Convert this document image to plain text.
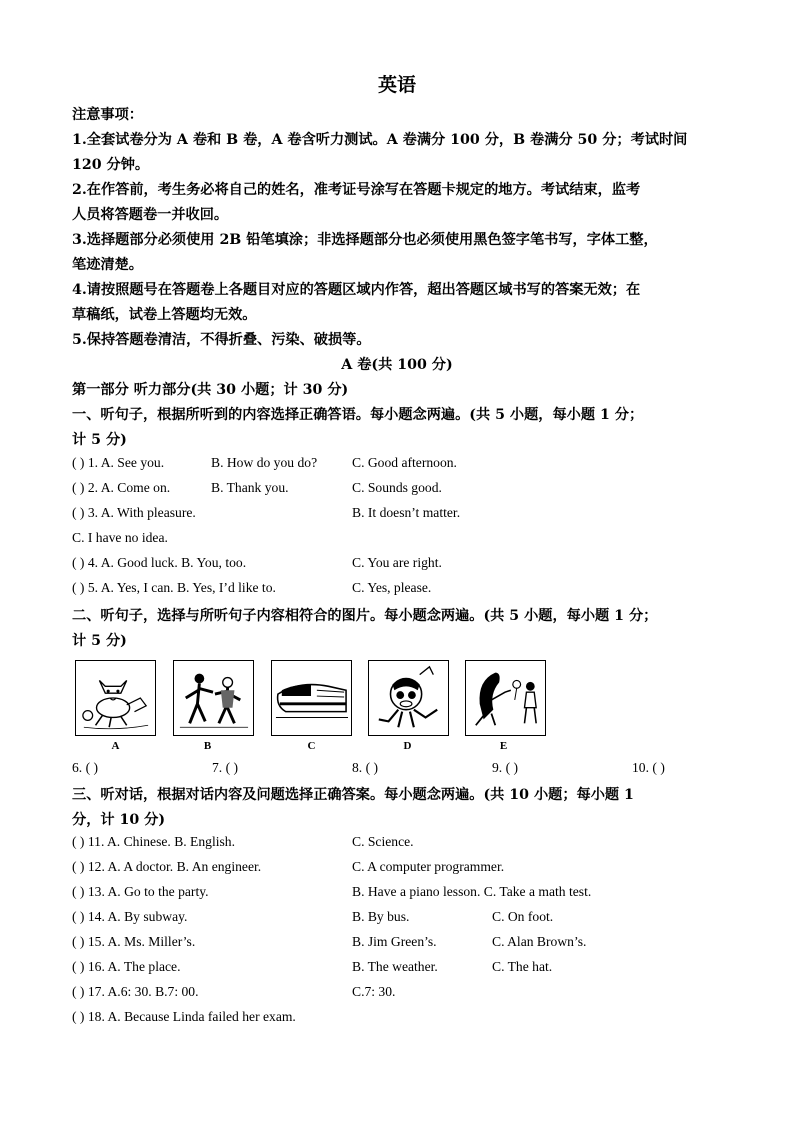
英语
注意事项：
1.全套试卷分为 A 卷和 B 卷，A 卷含听力测试。A 卷满分 100 分，B 卷满分 50 分；考试时间
120 分钟。
2.在作答前，考生务必将自己的姓名，准考证号涂写在答题卡规定的地方。考试结束，监考
人员将答题卷一并收回。
3.选择题部分必须使用 2B 铅笔填涂；非选择题部分也必须使用黑色签字笔书写，字体工整，
笔迹清楚。
4.请按照题号在答题卷上各题目对应的答题区域内作答，超出答题区域书写的答案无效；在
草稿纸，试卷上答题均无效。
5.保持答题卷清洁，不得折叠、污染、破损等。
A 卷(共 100 分)
第一部分 听力部分(共 30 小题；计 30 分)
一、听句子，根据所听到的内容选择正确答语。每小题念两遍。(共 5 小题，每小题 1 分；
计 5 分)
( ) 1. A. See you.	B. How do you do?	C. Good afternoon.
( ) 2. A. Come on.	B. Thank you.	C. Sounds good.
( ) 3. A. With pleasure.	B. It doesn’t matter.
C. I have no idea.
( ) 4. A. Good luck. B. You, too.	C. You are right.
( ) 5. A. Yes, I can. B. Yes, I’d like to.	C. Yes, please.
二、听句子，选择与所听句子内容相符合的图片。每小题念两遍。(共 5 小题，每小题 1 分；
计 5 分)
A	B	C	D	E
6. ( )	7. ( )	8. ( )	9. ( )	10. ( )
三、听对话，根据对话内容及问题选择正确答案。每小题念两遍。(共 10 小题；每小题 1
分，计 10 分)
( ) 11. A. Chinese. B. English.	C. Science.
( ) 12. A. A doctor. B. An engineer.	C. A computer programmer.
( ) 13. A. Go to the party.	B. Have a piano lesson. C. Take a math test.
( ) 14. A. By subway.	B. By bus.	C. On foot.
( ) 15. A. Ms. Miller’s.	B. Jim Green’s.	C. Alan Brown’s.
( ) 16. A. The place.	B. The weather.	C. The hat.
( ) 17. A.6: 30. B.7: 00.	C.7: 30.
( ) 18. A. Because Linda failed her exam.
